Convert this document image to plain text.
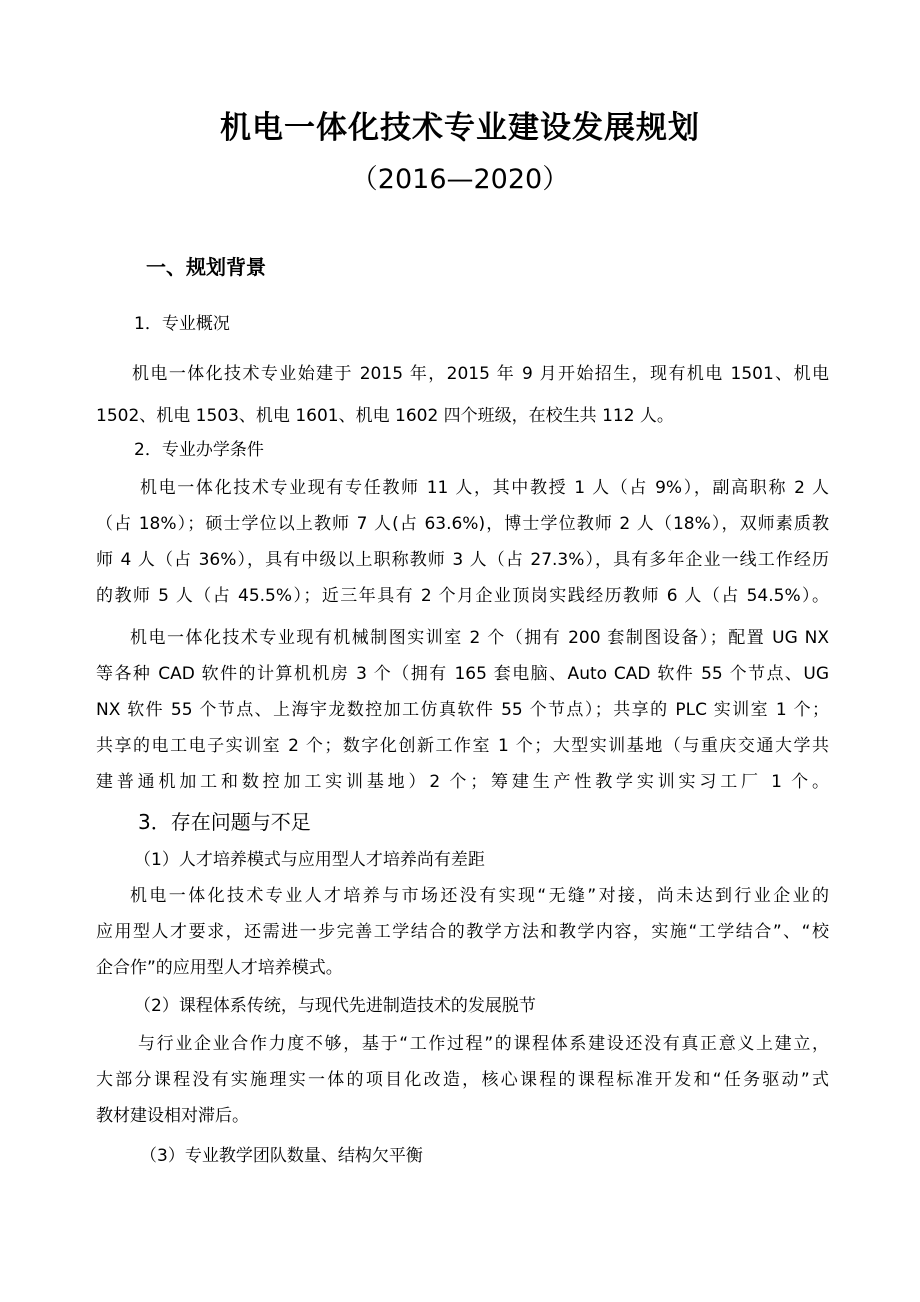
机电一体化技术专业建设发展规划
（2016—2020）
一、规划背景
1．专业概况
机电一体化技术专业始建于 2015 年，2015 年 9 月开始招生，现有机电 1501、机电
1502、机电 1503、机电 1601、机电 1602 四个班级，在校生共 112 人。
2．专业办学条件
机电一体化技术专业现有专任教师 11 人，其中教授 1 人（占 9%），副高职称 2 人
（占 18%）；硕士学位以上教师 7 人(占 63.6%)，博士学位教师 2 人（18%），双师素质教
师 4 人（占 36%），具有中级以上职称教师 3 人（占 27.3%），具有多年企业一线工作经历
的教师 5 人（占 45.5%）；近三年具有 2 个月企业顶岗实践经历教师 6 人（占 54.5%）。
机电一体化技术专业现有机械制图实训室 2 个（拥有 200 套制图设备）；配置 UG NX
等各种 CAD 软件的计算机机房 3 个（拥有 165 套电脑、Auto CAD 软件 55 个节点、UG
NX 软件 55 个节点、上海宇龙数控加工仿真软件 55 个节点）；共享的 PLC 实训室 1 个；
共享的电工电子实训室 2 个；数字化创新工作室 1 个；大型实训基地（与重庆交通大学共
建普通机加工和数控加工实训基地）2 个；筹建生产性教学实训实习工厂 1 个。
3．存在问题与不足
（1）人才培养模式与应用型人才培养尚有差距
机电一体化技术专业人才培养与市场还没有实现“无缝”对接，尚未达到行业企业的
应用型人才要求，还需进一步完善工学结合的教学方法和教学内容，实施“工学结合”、“校
企合作”的应用型人才培养模式。
（2）课程体系传统，与现代先进制造技术的发展脱节
与行业企业合作力度不够，基于“工作过程”的课程体系建设还没有真正意义上建立，
大部分课程没有实施理实一体的项目化改造，核心课程的课程标准开发和“任务驱动”式
教材建设相对滞后。
（3）专业教学团队数量、结构欠平衡
